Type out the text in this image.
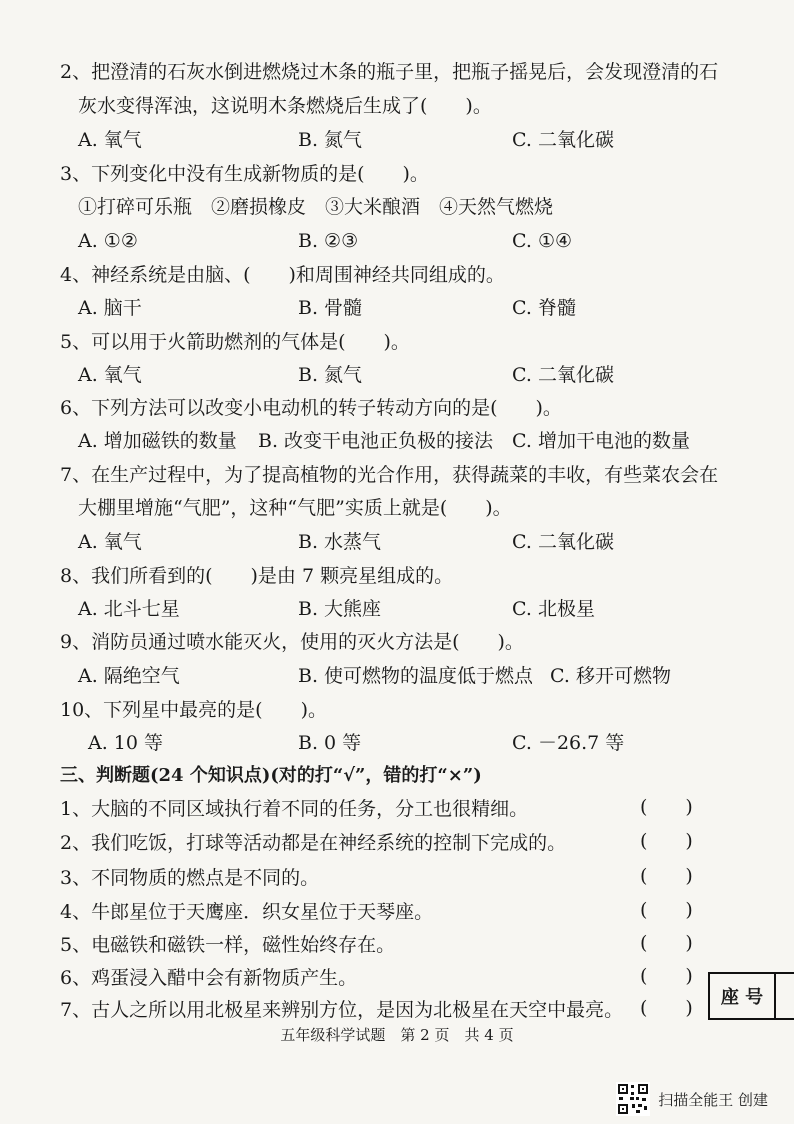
2、把澄清的石灰水倒进燃烧过木条的瓶子里，把瓶子摇晃后，会发现澄清的石
灰水变得浑浊，这说明木条燃烧后生成了(　　)。
A. 氧气	B. 氮气	C. 二氧化碳
3、下列变化中没有生成新物质的是(　　)。
①打碎可乐瓶　②磨损橡皮　③大米酿酒　④天然气燃烧
A. ①②	B. ②③	C. ①④
4、神经系统是由脑、(　　)和周围神经共同组成的。
A. 脑干	B. 骨髓	C. 脊髓
5、可以用于火箭助燃剂的气体是(　　)。
A. 氧气	B. 氮气	C. 二氧化碳
6、下列方法可以改变小电动机的转子转动方向的是(　　)。
A. 增加磁铁的数量 B. 改变干电池正负极的接法 C. 增加干电池的数量
7、在生产过程中，为了提高植物的光合作用，获得蔬菜的丰收，有些菜农会在
大棚里增施“气肥”，这种“气肥”实质上就是(　　)。
A. 氧气	B. 水蒸气	C. 二氧化碳
8、我们所看到的(　　)是由 7 颗亮星组成的。
A. 北斗七星	B. 大熊座	C. 北极星
9、消防员通过喷水能灭火，使用的灭火方法是(　　)。
A. 隔绝空气	B. 使可燃物的温度低于燃点 C. 移开可燃物
10、下列星中最亮的是(　　)。
A. 10 等	B. 0 等	C. －26.7 等
三、判断题(24 个知识点)(对的打“√”，错的打“×”)
1、大脑的不同区域执行着不同的任务，分工也很精细。	(　　)
2、我们吃饭，打球等活动都是在神经系统的控制下完成的。	(　　)
3、不同物质的燃点是不同的。	(　　)
4、牛郎星位于天鹰座．织女星位于天琴座。	(　　)
5、电磁铁和磁铁一样，磁性始终存在。	(　　)
6、鸡蛋浸入醋中会有新物质产生。	(　　)
7、古人之所以用北极星来辨别方位，是因为北极星在天空中最亮。 (　　)	座 号
五年级科学试题　第 2 页　共 4 页
扫描全能王 创建
